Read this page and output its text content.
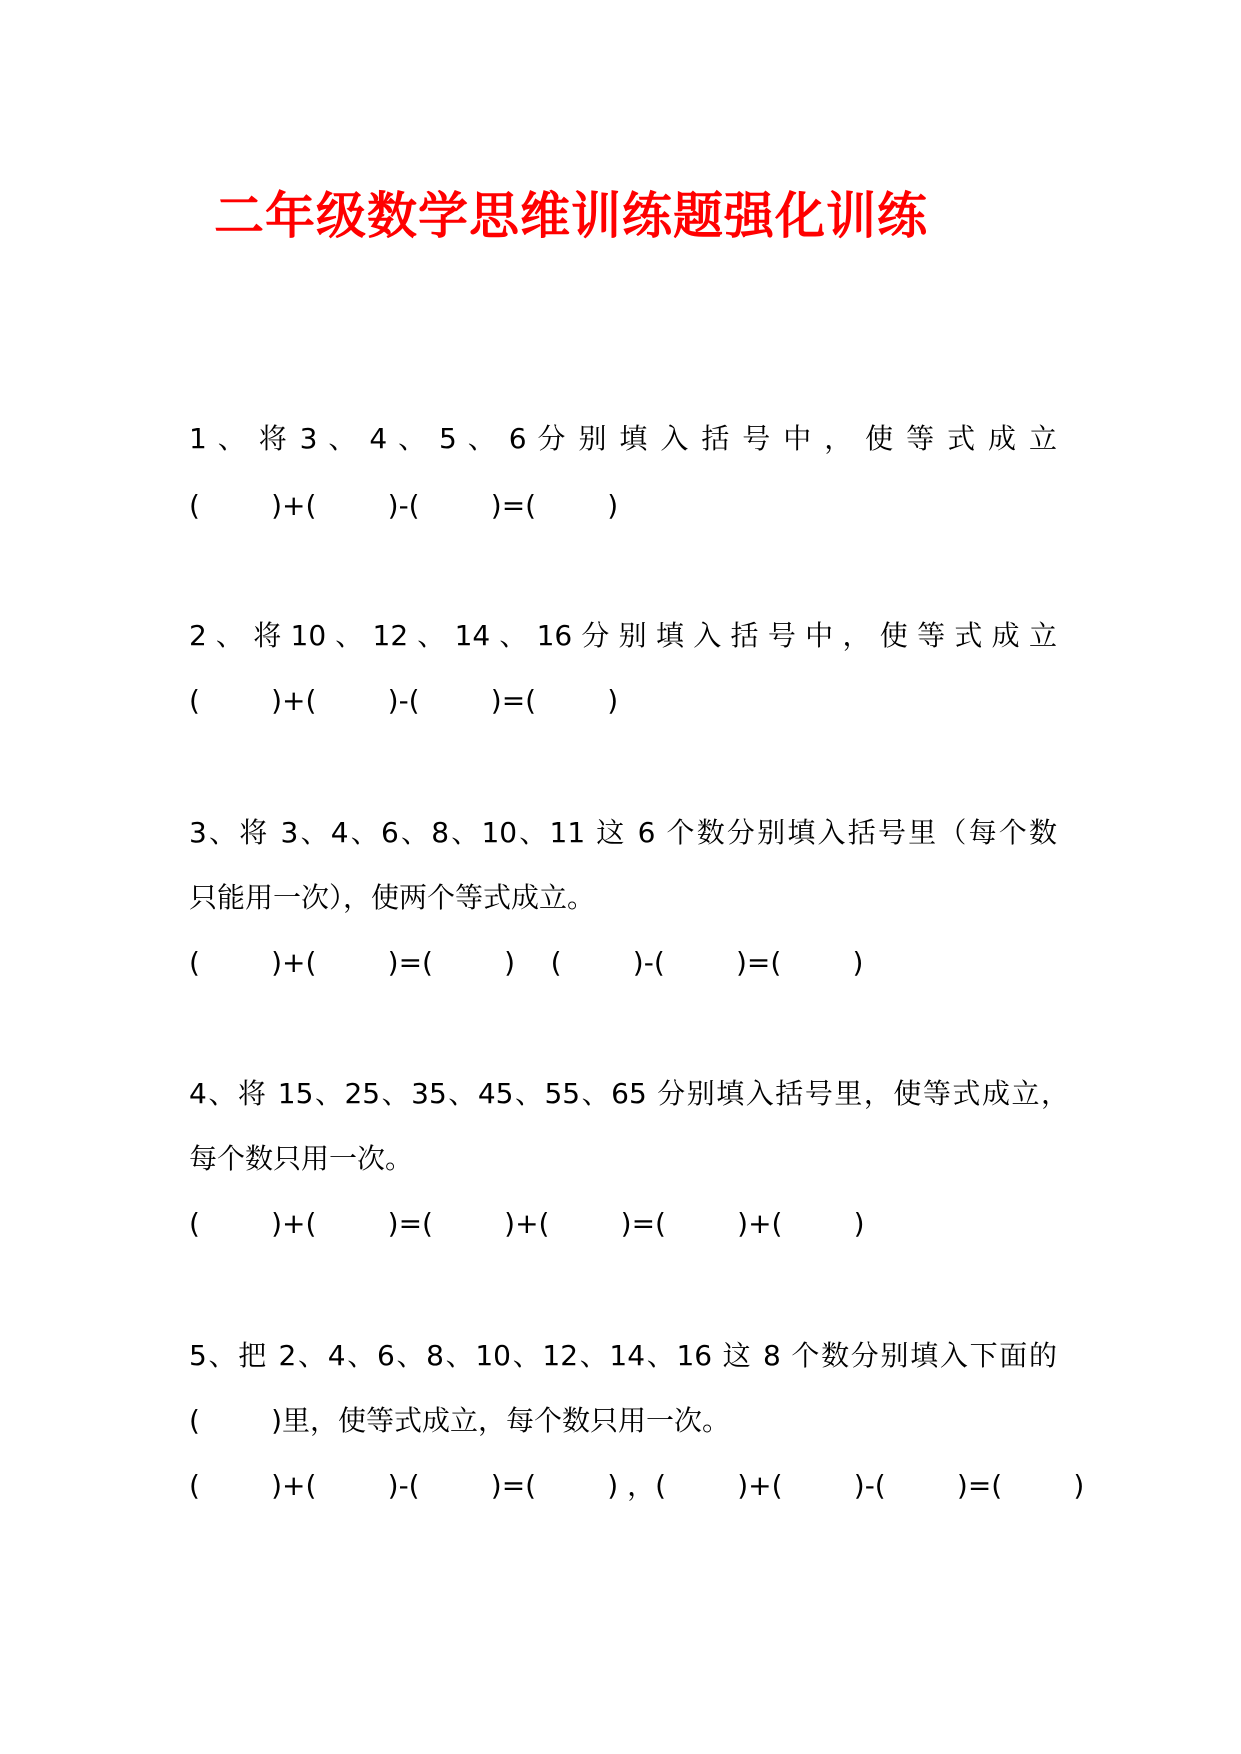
二年级数学思维训练题强化训练
1 、 将 3 、 4 、 5 、 6 分 别 填 入 括 号 中 ， 使 等 式 成 立
(        )+(        )-(        )=(        )
2 、 将 10 、 12 、 14 、 16 分 别 填 入 括 号 中 ， 使 等 式 成 立
(        )+(        )-(        )=(        )
3、将 3、4、6、8、10、11 这 6 个数分别填入括号里（每个数
只能用一次），使两个等式成立。
(        )+(        )=(        )    (        )-(        )=(        )
4、将 15、25、35、45、55、65 分别填入括号里，使等式成立，
每个数只用一次。
(        )+(        )=(        )+(        )=(        )+(        )
5、把 2、4、6、8、10、12、14、16 这 8 个数分别填入下面的
(        )里，使等式成立，每个数只用一次。
(        )+(        )-(        )=(        ) ，(        )+(        )-(        )=(        )
